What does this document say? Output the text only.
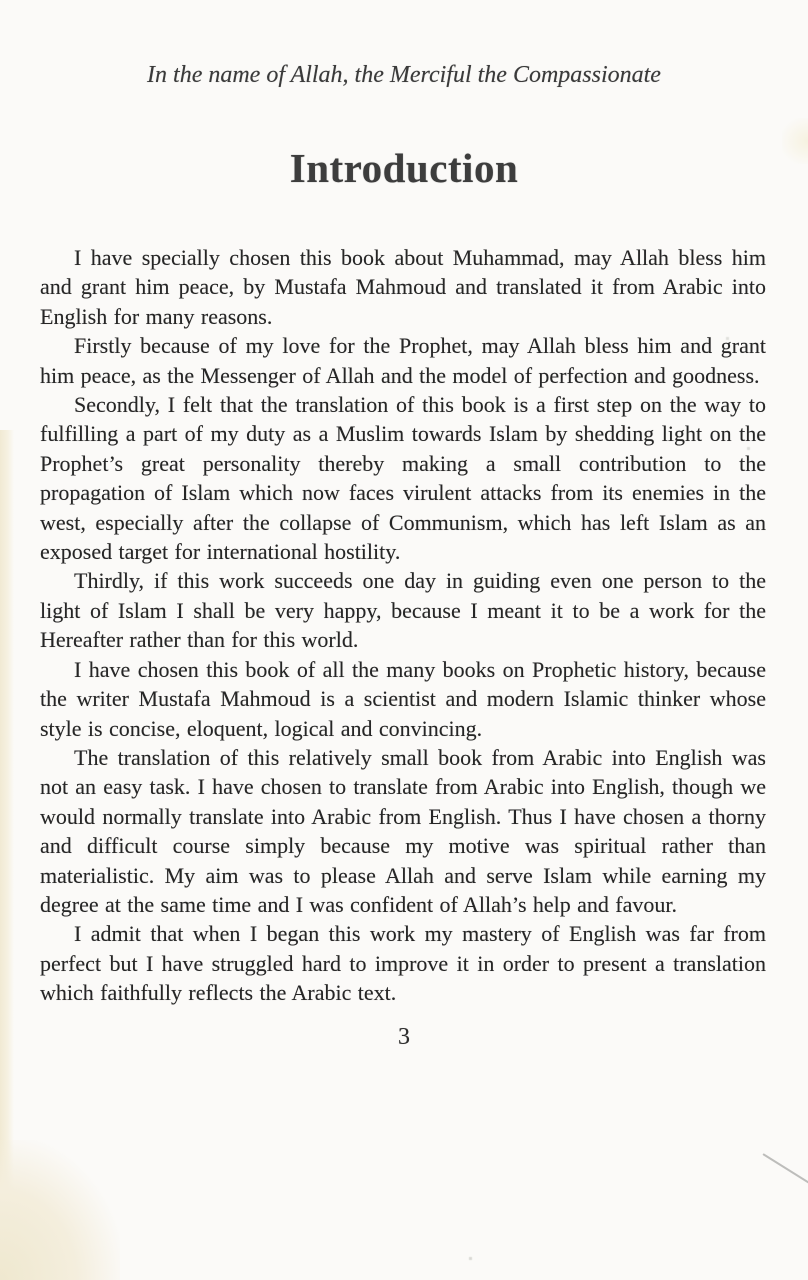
In the name of Allah, the Merciful the Compassionate
Introduction

I have specially chosen this book about Muhammad, may Allah bless him and grant him peace, by Mustafa Mahmoud and translated it from Arabic into English for many reasons.

Firstly because of my love for the Prophet, may Allah bless him and grant him peace, as the Messenger of Allah and the model of perfection and goodness.

Secondly, I felt that the translation of this book is a first step on the way to fulfilling a part of my duty as a Muslim towards Islam by shedding light on the Prophet’s great personality thereby making a small contribution to the propagation of Islam which now faces virulent attacks from its enemies in the west, especially after the collapse of Communism, which has left Islam as an exposed target for international hostility.

Thirdly, if this work succeeds one day in guiding even one person to the light of Islam I shall be very happy, because I meant it to be a work for the Hereafter rather than for this world.

I have chosen this book of all the many books on Prophetic history, because the writer Mustafa Mahmoud is a scientist and modern Islamic thinker whose style is concise, eloquent, logical and convincing.

The translation of this relatively small book from Arabic into English was not an easy task. I have chosen to translate from Arabic into English, though we would normally translate into Arabic from English. Thus I have chosen a thorny and difficult course simply because my motive was spiritual rather than materialistic. My aim was to please Allah and serve Islam while earning my degree at the same time and I was confident of Allah’s help and favour.

I admit that when I began this work my mastery of English was far from perfect but I have struggled hard to improve it in order to present a translation which faithfully reflects the Arabic text.

3
